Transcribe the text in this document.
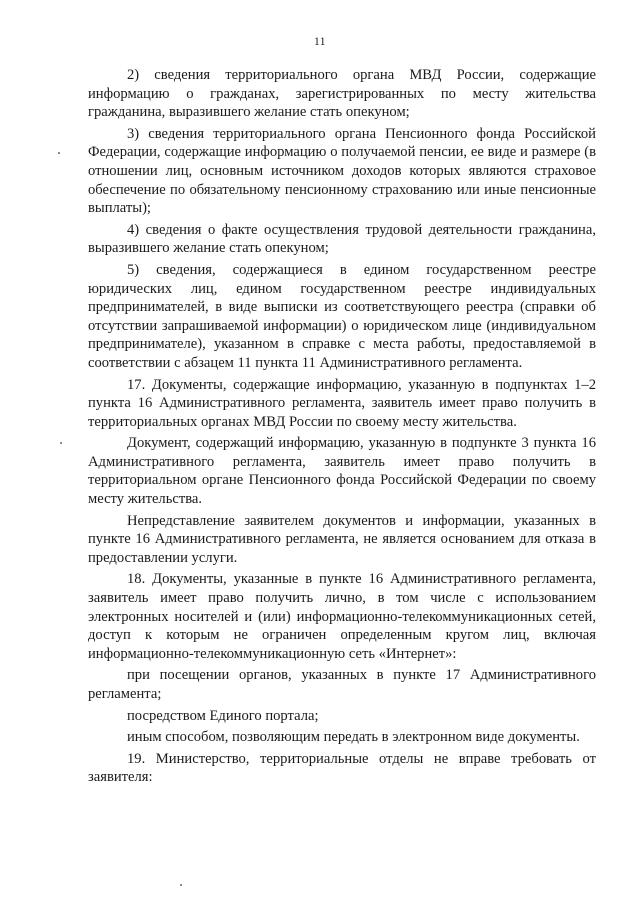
11

2) сведения территориального органа МВД России, содержащие информацию о гражданах, зарегистрированных по месту жительства гражданина, выразившего желание стать опекуном;

3) сведения территориального органа Пенсионного фонда Российской Федерации, содержащие информацию о получаемой пенсии, ее виде и размере (в отношении лиц, основным источником доходов которых являются страховое обеспечение по обязательному пенсионному страхованию или иные пенсионные выплаты);

4) сведения о факте осуществления трудовой деятельности гражданина, выразившего желание стать опекуном;

5) сведения, содержащиеся в едином государственном реестре юридических лиц, едином государственном реестре индивидуальных предпринимателей, в виде выписки из соответствующего реестра (справки об отсутствии запрашиваемой информации) о юридическом лице (индивидуальном предпринимателе), указанном в справке с места работы, предоставляемой в соответствии с абзацем 11 пункта 11 Административного регламента.

17. Документы, содержащие информацию, указанную в подпунктах 1–2 пункта 16 Административного регламента, заявитель имеет право получить в территориальных органах МВД России по своему месту жительства.

Документ, содержащий информацию, указанную в подпункте 3 пункта 16 Административного регламента, заявитель имеет право получить в территориальном органе Пенсионного фонда Российской Федерации по своему месту жительства.

Непредставление заявителем документов и информации, указанных в пункте 16 Административного регламента, не является основанием для отказа в предоставлении услуги.

18. Документы, указанные в пункте 16 Административного регламента, заявитель имеет право получить лично, в том числе с использованием электронных носителей и (или) информационно-телекоммуникационных сетей, доступ к которым не ограничен определенным кругом лиц, включая информационно-телекоммуникационную сеть «Интернет»:

при посещении органов, указанных в пункте 17 Административного регламента;

посредством Единого портала;

иным способом, позволяющим передать в электронном виде документы.

19. Министерство, территориальные отделы не вправе требовать от заявителя:
